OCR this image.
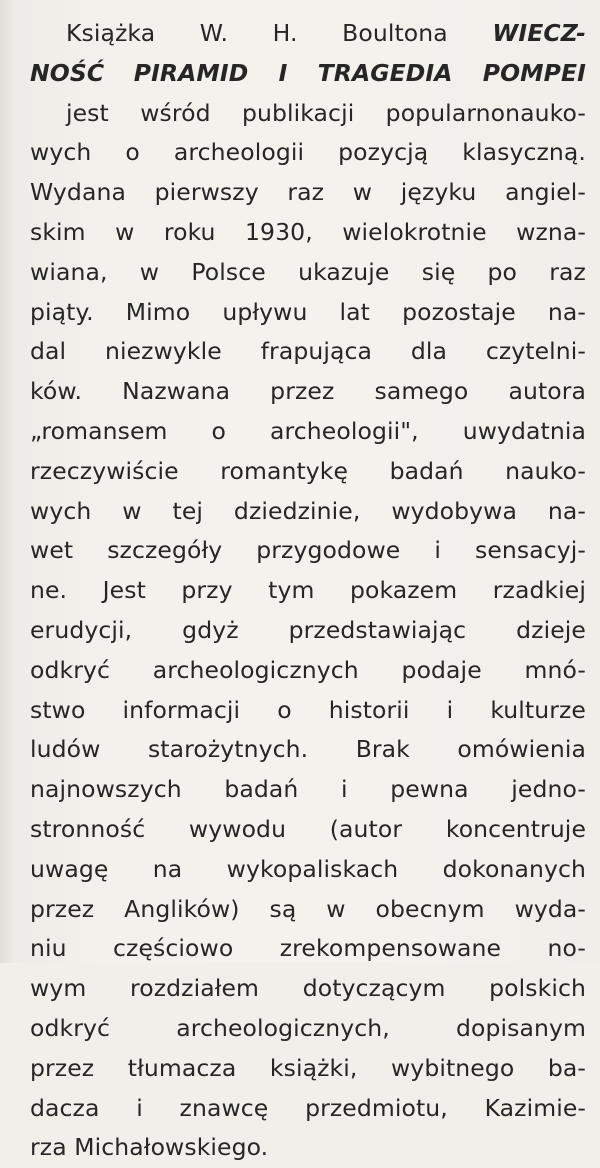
Książka W. H. Boultona WIECZ-
NOŚĆ PIRAMID I TRAGEDIA POMPEI
jest wśród publikacji popularnonauko-
wych o archeologii pozycją klasyczną.
Wydana pierwszy raz w języku angiel-
skim w roku 1930, wielokrotnie wzna-
wiana, w Polsce ukazuje się po raz
piąty. Mimo upływu lat pozostaje na-
dal niezwykle frapująca dla czytelni-
ków. Nazwana przez samego autora
„romansem o archeologii", uwydatnia
rzeczywiście romantykę badań nauko-
wych w tej dziedzinie, wydobywa na-
wet szczegóły przygodowe i sensacyj-
ne. Jest przy tym pokazem rzadkiej
erudycji, gdyż przedstawiając dzieje
odkryć archeologicznych podaje mnó-
stwo informacji o historii i kulturze
ludów starożytnych. Brak omówienia
najnowszych badań i pewna jedno-
stronność wywodu (autor koncentruje
uwagę na wykopaliskach dokonanych
przez Anglików) są w obecnym wyda-
niu częściowo zrekompensowane no-
wym rozdziałem dotyczącym polskich
odkryć archeologicznych, dopisanym
przez tłumacza książki, wybitnego ba-
dacza i znawcę przedmiotu, Kazimie-
rza Michałowskiego.
